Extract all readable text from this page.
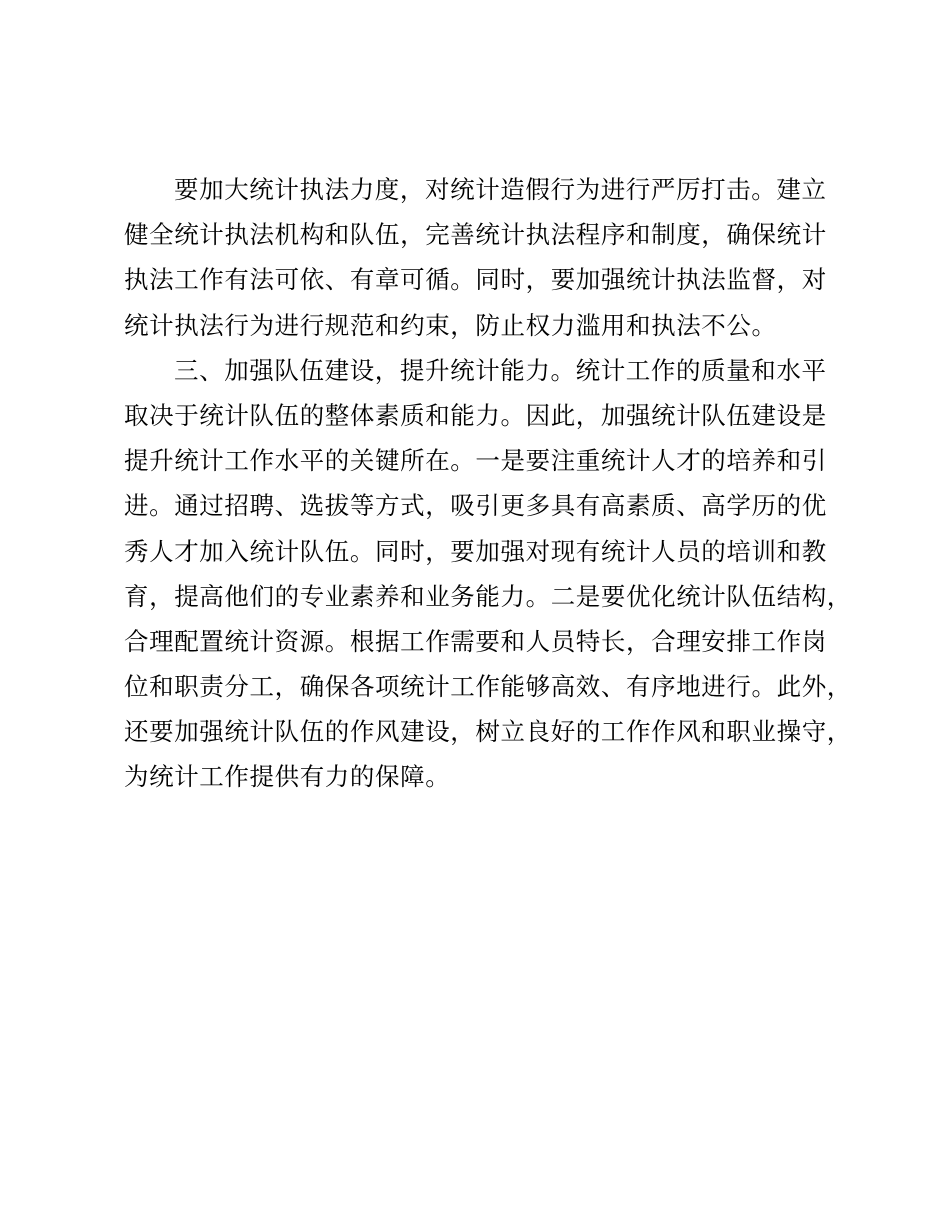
要加大统计执法力度，对统计造假行为进行严厉打击。建立
健全统计执法机构和队伍，完善统计执法程序和制度，确保统计
执法工作有法可依、有章可循。同时，要加强统计执法监督，对
统计执法行为进行规范和约束，防止权力滥用和执法不公。
三、加强队伍建设，提升统计能力。统计工作的质量和水平
取决于统计队伍的整体素质和能力。因此，加强统计队伍建设是
提升统计工作水平的关键所在。一是要注重统计人才的培养和引
进。通过招聘、选拔等方式，吸引更多具有高素质、高学历的优
秀人才加入统计队伍。同时，要加强对现有统计人员的培训和教
育，提高他们的专业素养和业务能力。二是要优化统计队伍结构，
合理配置统计资源。根据工作需要和人员特长，合理安排工作岗
位和职责分工，确保各项统计工作能够高效、有序地进行。此外，
还要加强统计队伍的作风建设，树立良好的工作作风和职业操守，
为统计工作提供有力的保障。
